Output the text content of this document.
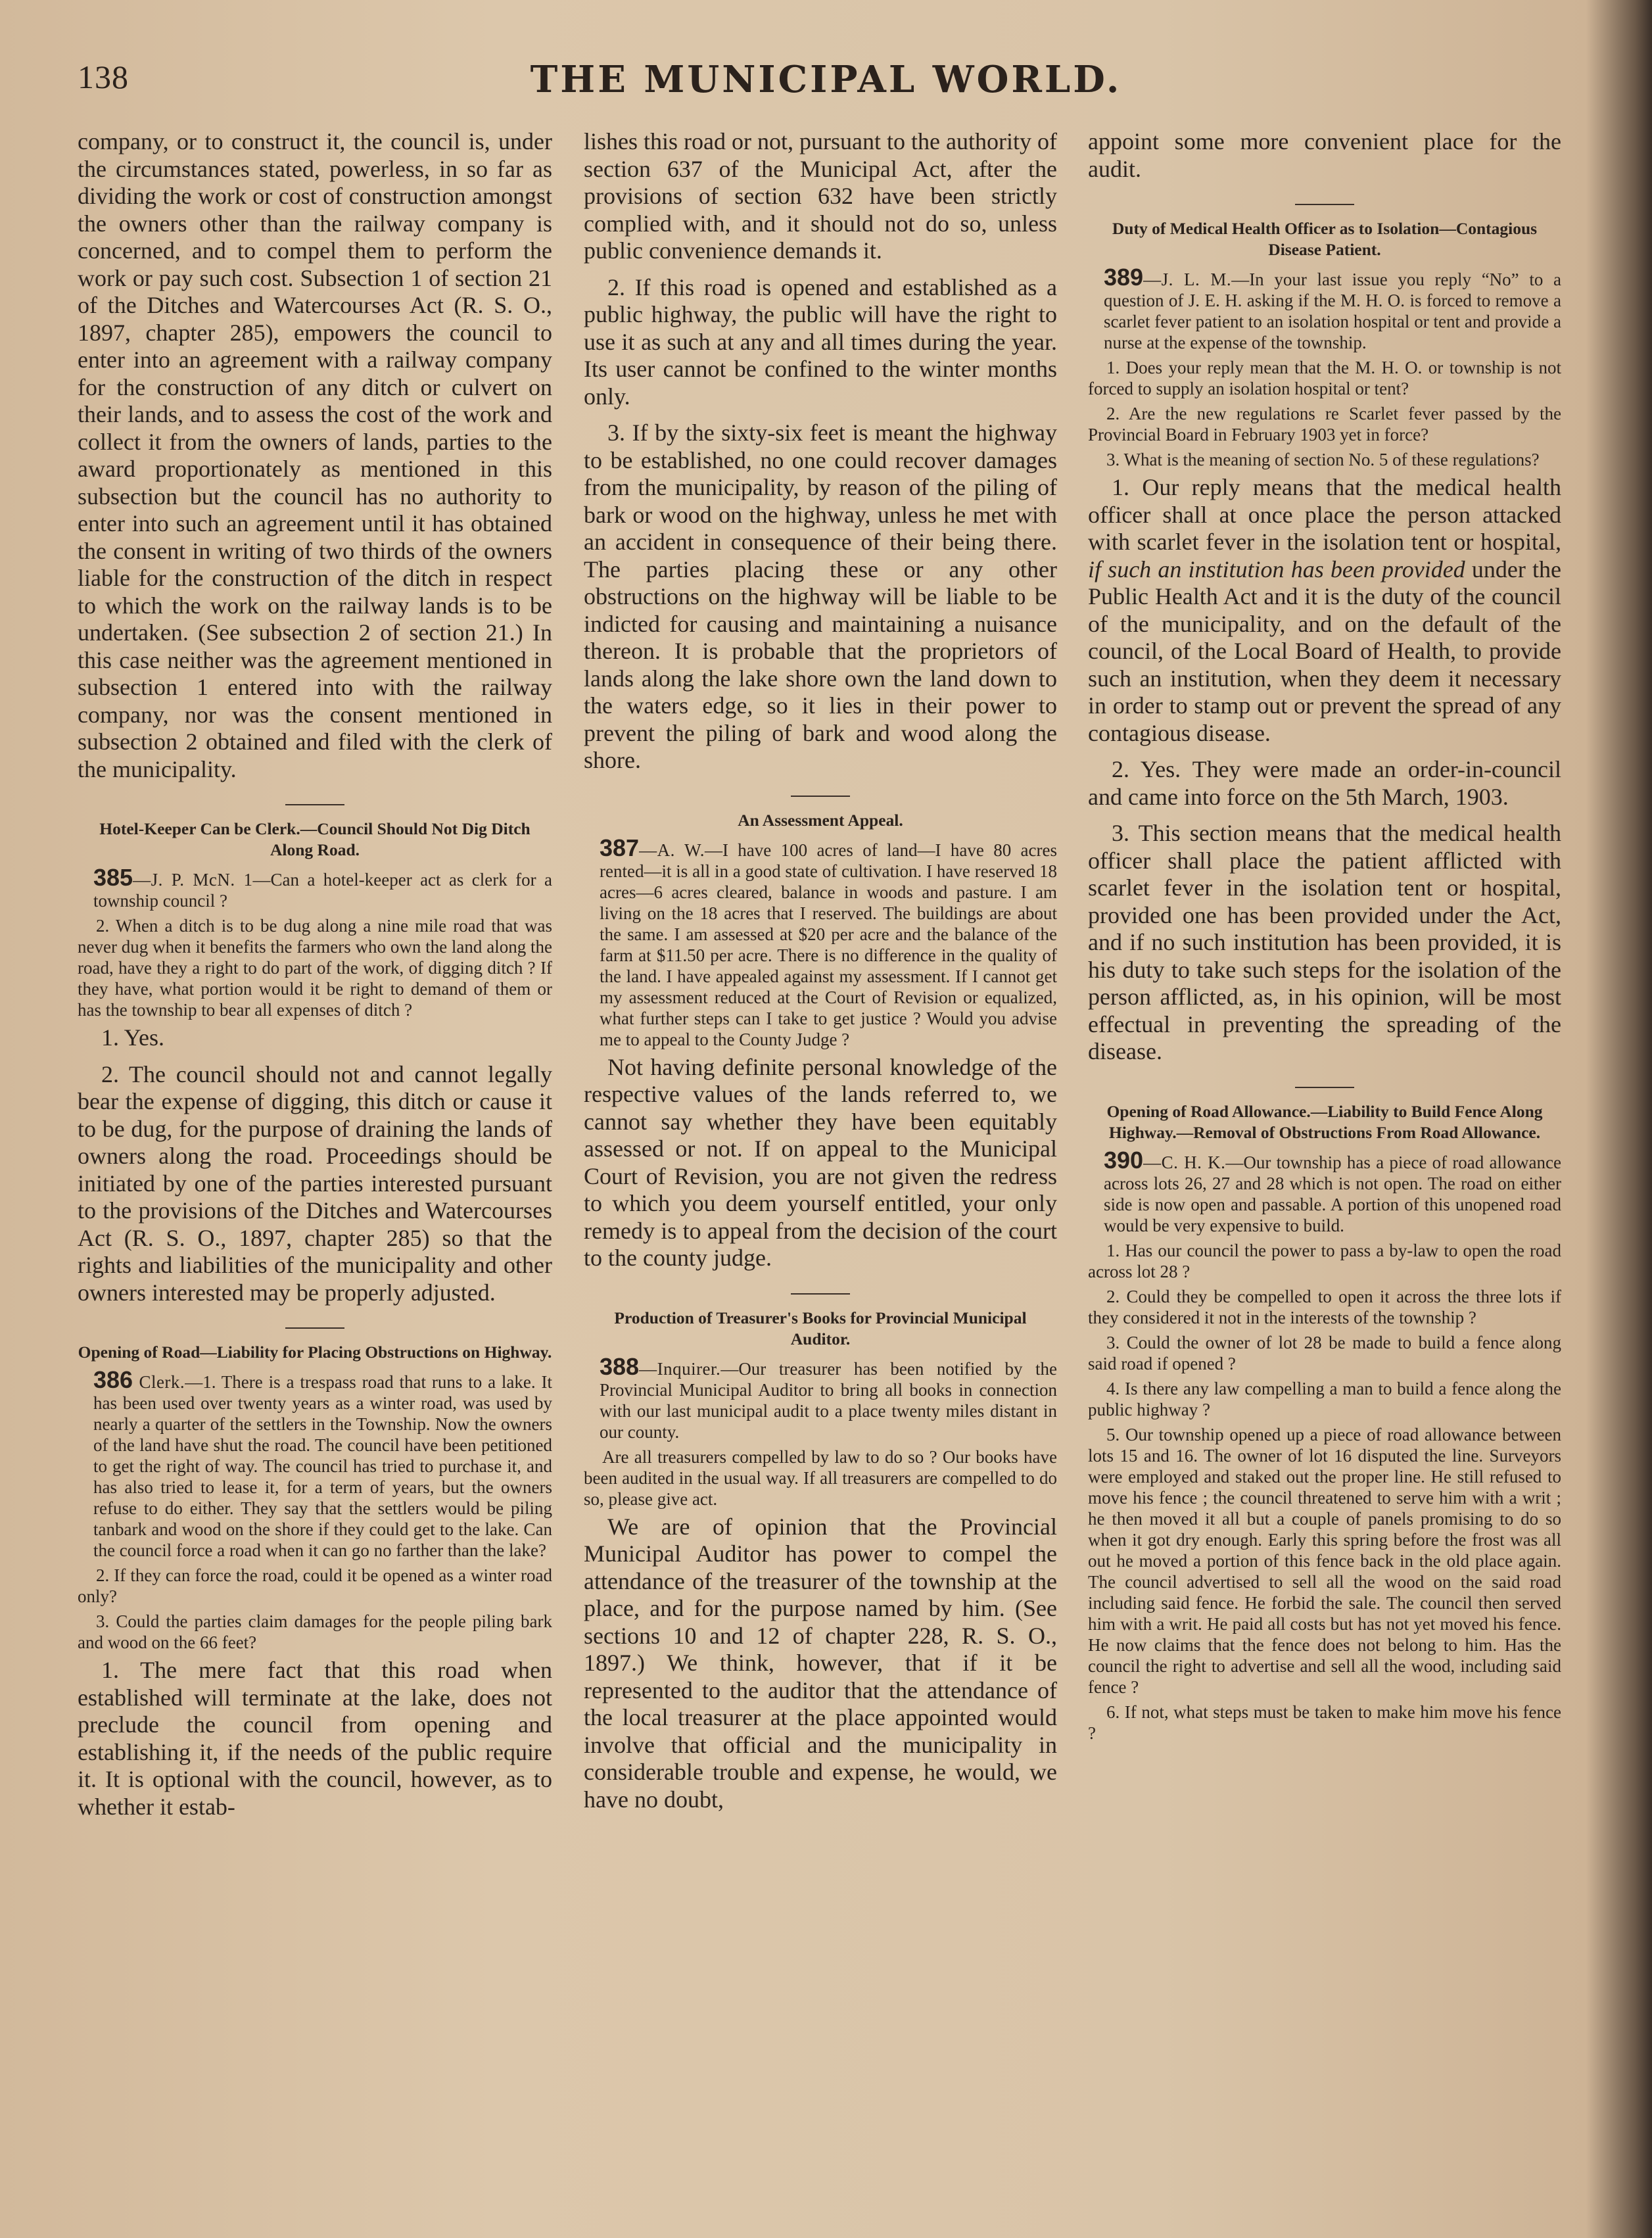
138	THE MUNICIPAL WORLD.

company, or to construct it, the council is, under the circumstances stated, powerless, in so far as dividing the work or cost of construction amongst the owners other than the railway company is concerned, and to compel them to perform the work or pay such cost. Subsection 1 of section 21 of the Ditches and Watercourses Act (R. S. O., 1897, chapter 285), empowers the council to enter into an agreement with a railway company for the construction of any ditch or culvert on their lands, and to assess the cost of the work and collect it from the owners of lands, parties to the award proportionately as mentioned in this subsection but the council has no authority to enter into such an agreement until it has obtained the consent in writing of two thirds of the owners liable for the construction of the ditch in respect to which the work on the railway lands is to be undertaken. (See subsection 2 of section 21.) In this case neither was the agreement mentioned in subsection 1 entered into with the railway company, nor was the consent mentioned in subsection 2 obtained and filed with the clerk of the municipality.

Hotel-Keeper Can be Clerk.—Council Should Not Dig Ditch Along Road.

385—J. P. McN. 1—Can a hotel-keeper act as clerk for a township council ?

2. When a ditch is to be dug along a nine mile road that was never dug when it benefits the farmers who own the land along the road, have they a right to do part of the work, of digging ditch ? If they have, what portion would it be right to demand of them or has the township to bear all expenses of ditch ?

1. Yes.

2. The council should not and cannot legally bear the expense of digging, this ditch or cause it to be dug, for the purpose of draining the lands of owners along the road. Proceedings should be initiated by one of the parties interested pursuant to the provisions of the Ditches and Watercourses Act (R. S. O., 1897, chapter 285) so that the rights and liabilities of the municipality and other owners interested may be properly adjusted.

Opening of Road—Liability for Placing Obstructions on Highway.

386 Clerk.—1. There is a trespass road that runs to a lake. It has been used over twenty years as a winter road, was used by nearly a quarter of the settlers in the Township. Now the owners of the land have shut the road. The council have been petitioned to get the right of way. The council has tried to purchase it, and has also tried to lease it, for a term of years, but the owners refuse to do either. They say that the settlers would be piling tanbark and wood on the shore if they could get to the lake. Can the council force a road when it can go no farther than the lake?

2. If they can force the road, could it be opened as a winter road only?

3. Could the parties claim damages for the people piling bark and wood on the 66 feet?

1. The mere fact that this road when established will terminate at the lake, does not preclude the council from opening and establishing it, if the needs of the public require it. It is optional with the council, however, as to whether it estab-

lishes this road or not, pursuant to the authority of section 637 of the Municipal Act, after the provisions of section 632 have been strictly complied with, and it should not do so, unless public convenience demands it.

2. If this road is opened and established as a public highway, the public will have the right to use it as such at any and all times during the year. Its user cannot be confined to the winter months only.

3. If by the sixty-six feet is meant the highway to be established, no one could recover damages from the municipality, by reason of the piling of bark or wood on the highway, unless he met with an accident in consequence of their being there. The parties placing these or any other obstructions on the highway will be liable to be indicted for causing and maintaining a nuisance thereon. It is probable that the proprietors of lands along the lake shore own the land down to the waters edge, so it lies in their power to prevent the piling of bark and wood along the shore.

An Assessment Appeal.

387—A. W.—I have 100 acres of land—I have 80 acres rented—it is all in a good state of cultivation. I have reserved 18 acres—6 acres cleared, balance in woods and pasture. I am living on the 18 acres that I reserved. The buildings are about the same. I am assessed at $20 per acre and the balance of the farm at $11.50 per acre. There is no difference in the quality of the land. I have appealed against my assessment. If I cannot get my assessment reduced at the Court of Revision or equalized, what further steps can I take to get justice ? Would you advise me to appeal to the County Judge ?

Not having definite personal knowledge of the respective values of the lands referred to, we cannot say whether they have been equitably assessed or not. If on appeal to the Municipal Court of Revision, you are not given the redress to which you deem yourself entitled, your only remedy is to appeal from the decision of the court to the county judge.

Production of Treasurer's Books for Provincial Municipal Auditor.

388—Inquirer.—Our treasurer has been notified by the Provincial Municipal Auditor to bring all books in connection with our last municipal audit to a place twenty miles distant in our county.

Are all treasurers compelled by law to do so ? Our books have been audited in the usual way. If all treasurers are compelled to do so, please give act.

We are of opinion that the Provincial Municipal Auditor has power to compel the attendance of the treasurer of the township at the place, and for the purpose named by him. (See sections 10 and 12 of chapter 228, R. S. O., 1897.) We think, however, that if it be represented to the auditor that the attendance of the local treasurer at the place appointed would involve that official and the municipality in considerable trouble and expense, he would, we have no doubt,

appoint some more convenient place for the audit.

Duty of Medical Health Officer as to Isolation—Contagious Disease Patient.

389—J. L. M.—In your last issue you reply “No” to a question of J. E. H. asking if the M. H. O. is forced to remove a scarlet fever patient to an isolation hospital or tent and provide a nurse at the expense of the township.

1. Does your reply mean that the M. H. O. or township is not forced to supply an isolation hospital or tent?

2. Are the new regulations re Scarlet fever passed by the Provincial Board in February 1903 yet in force?

3. What is the meaning of section No. 5 of these regulations?

1. Our reply means that the medical health officer shall at once place the person attacked with scarlet fever in the isolation tent or hospital, if such an institution has been provided under the Public Health Act and it is the duty of the council of the municipality, and on the default of the council, of the Local Board of Health, to provide such an institution, when they deem it necessary in order to stamp out or prevent the spread of any contagious disease.

2. Yes. They were made an order-in-council and came into force on the 5th March, 1903.

3. This section means that the medical health officer shall place the patient afflicted with scarlet fever in the isolation tent or hospital, provided one has been provided under the Act, and if no such institution has been provided, it is his duty to take such steps for the isolation of the person afflicted, as, in his opinion, will be most effectual in preventing the spreading of the disease.

Opening of Road Allowance.—Liability to Build Fence Along Highway.—Removal of Obstructions From Road Allowance.

390—C. H. K.—Our township has a piece of road allowance across lots 26, 27 and 28 which is not open. The road on either side is now open and passable. A portion of this unopened road would be very expensive to build.

1. Has our council the power to pass a by-law to open the road across lot 28 ?

2. Could they be compelled to open it across the three lots if they considered it not in the interests of the township ?

3. Could the owner of lot 28 be made to build a fence along said road if opened ?

4. Is there any law compelling a man to build a fence along the public highway ?

5. Our township opened up a piece of road allowance between lots 15 and 16. The owner of lot 16 disputed the line. Surveyors were employed and staked out the proper line. He still refused to move his fence ; the council threatened to serve him with a writ ; he then moved it all but a couple of panels promising to do so when it got dry enough. Early this spring before the frost was all out he moved a portion of this fence back in the old place again. The council advertised to sell all the wood on the said road including said fence. He forbid the sale. The council then served him with a writ. He paid all costs but has not yet moved his fence. He now claims that the fence does not belong to him. Has the council the right to advertise and sell all the wood, including said fence ?

6. If not, what steps must be taken to make him move his fence ?
